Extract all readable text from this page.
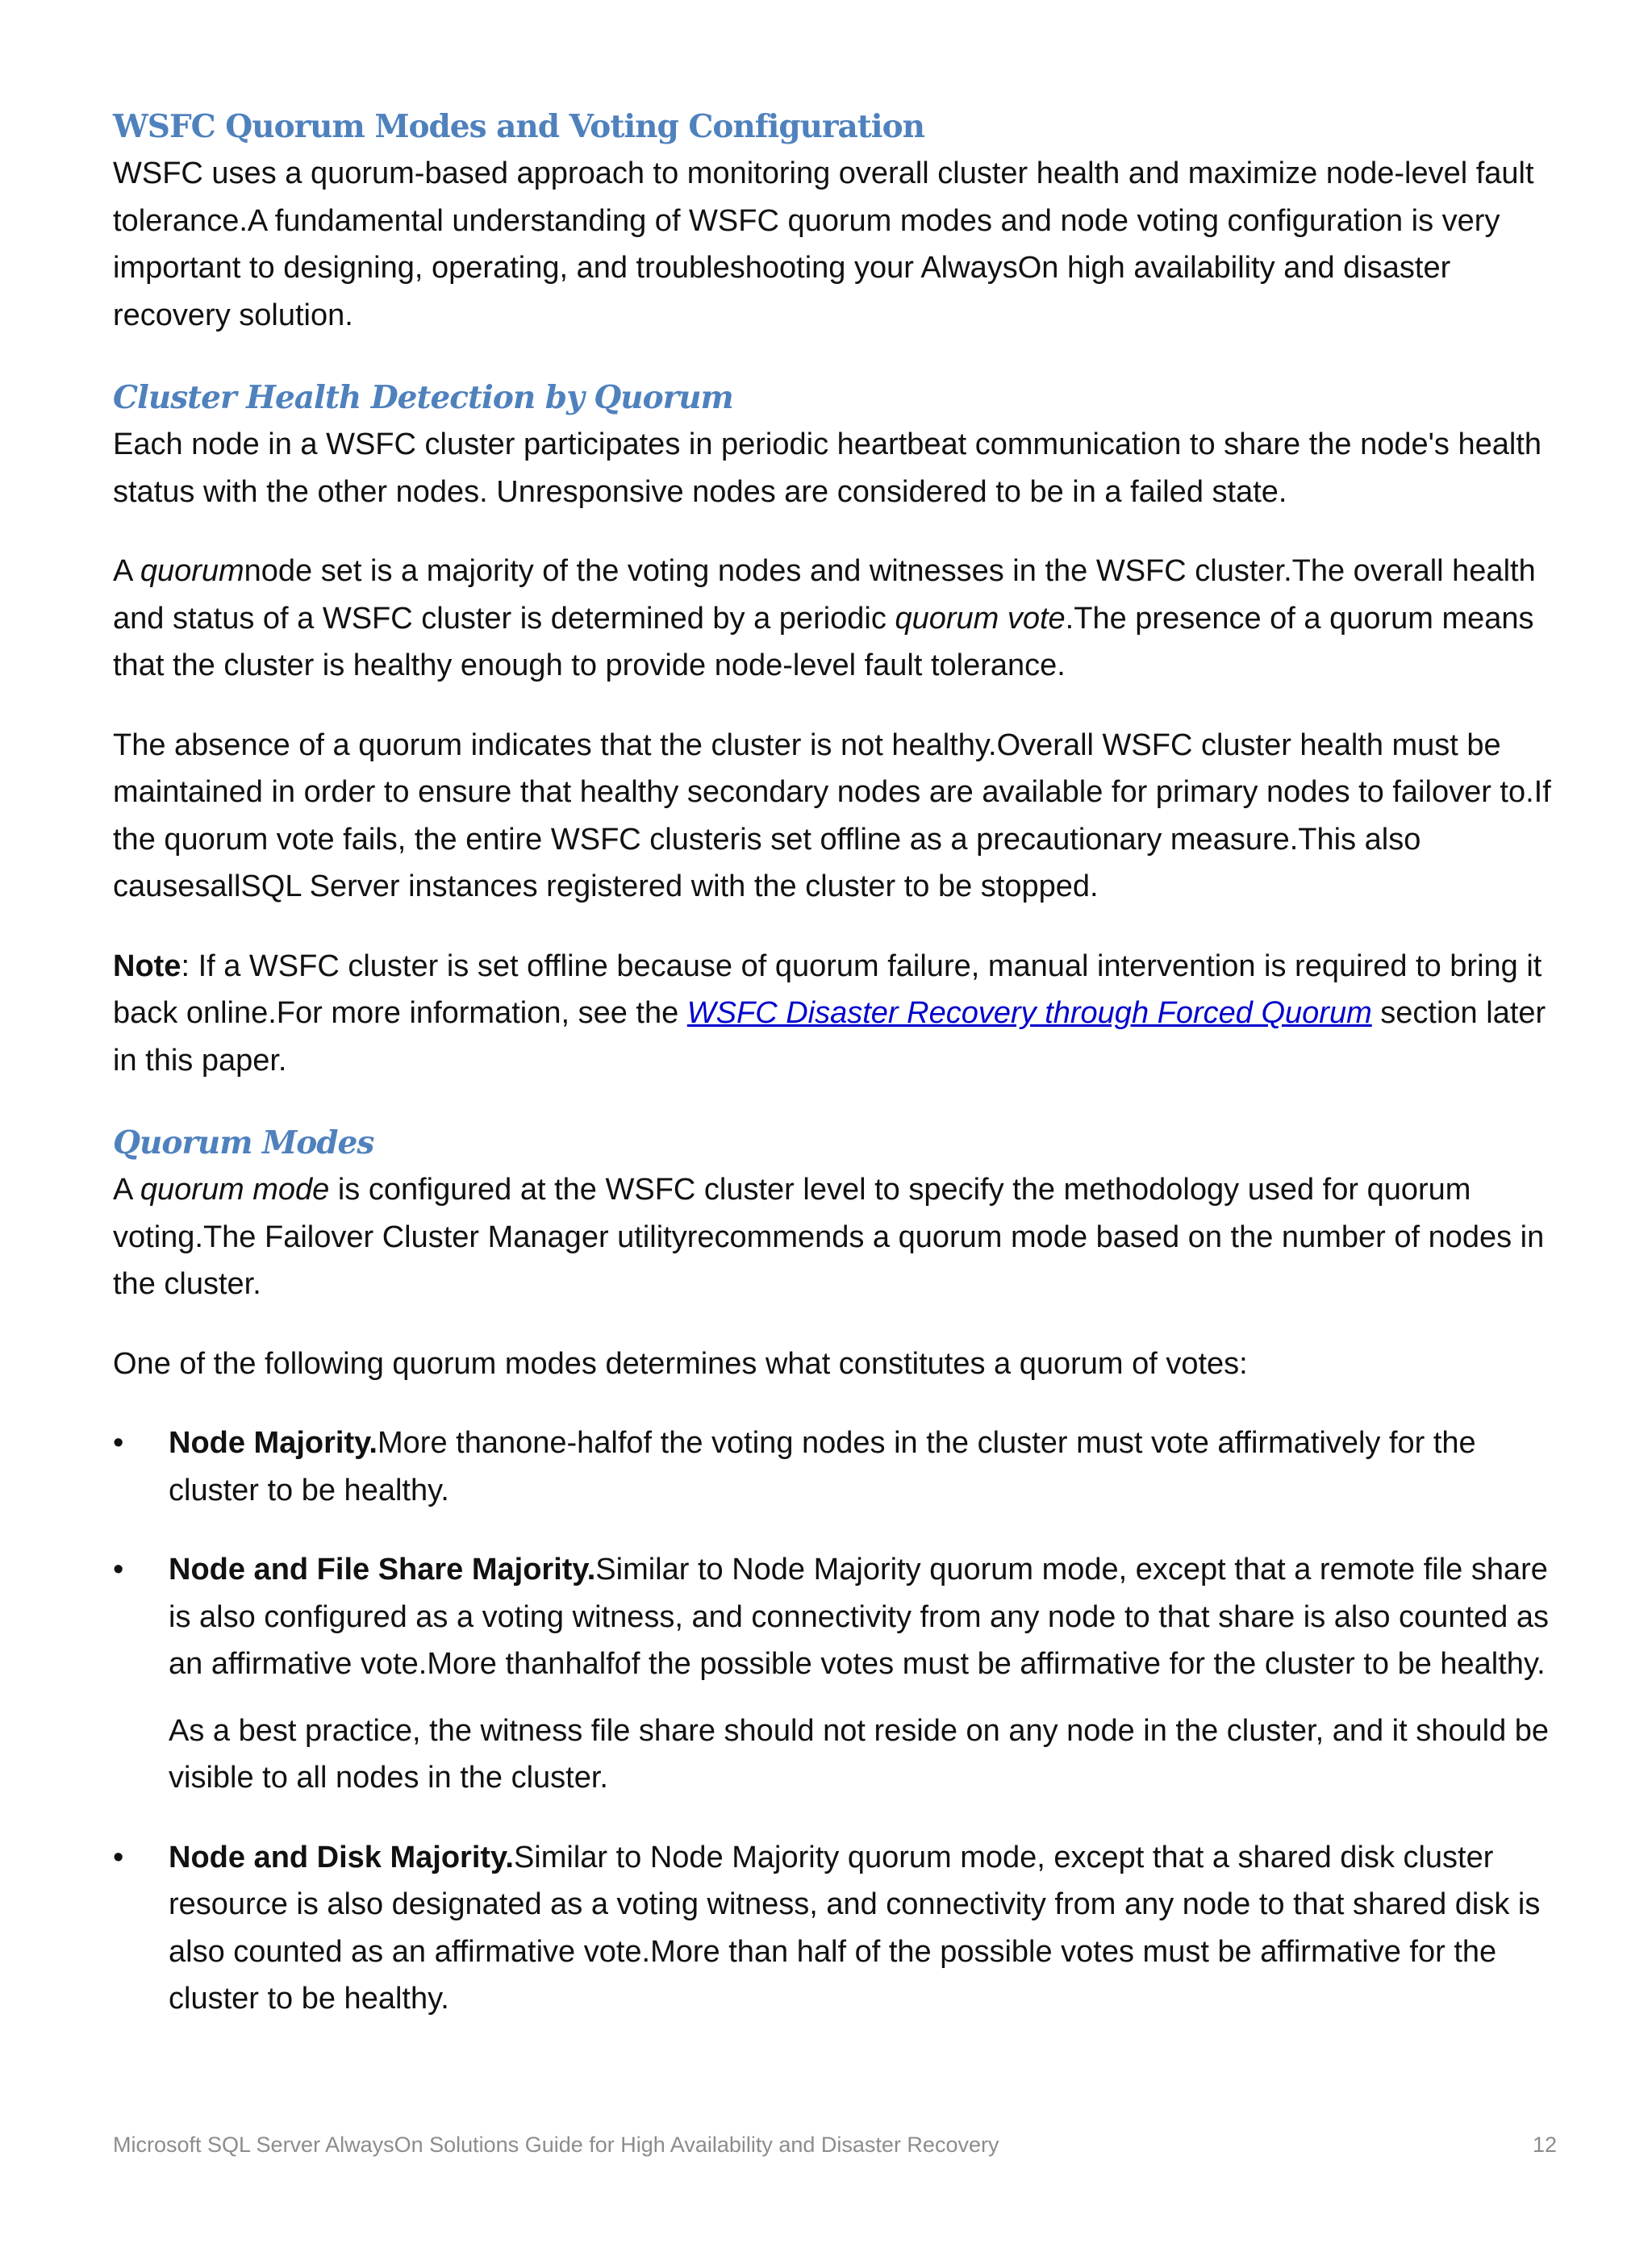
WSFC Quorum Modes and Voting Configuration

WSFC uses a quorum-based approach to monitoring overall cluster health and maximize node-level fault tolerance.A fundamental understanding of WSFC quorum modes and node voting configuration is very important to designing, operating, and troubleshooting your AlwaysOn high availability and disaster recovery solution.

Cluster Health Detection by Quorum

Each node in a WSFC cluster participates in periodic heartbeat communication to share the node's health status with the other nodes. Unresponsive nodes are considered to be in a failed state.

A quorumnode set is a majority of the voting nodes and witnesses in the WSFC cluster.The overall health and status of a WSFC cluster is determined by a periodic quorum vote.The presence of a quorum means that the cluster is healthy enough to provide node-level fault tolerance.

The absence of a quorum indicates that the cluster is not healthy.Overall WSFC cluster health must be maintained in order to ensure that healthy secondary nodes are available for primary nodes to failover to.If the quorum vote fails, the entire WSFC clusteris set offline as a precautionary measure.This also causesallSQL Server instances registered with the cluster to be stopped.

Note: If a WSFC cluster is set offline because of quorum failure, manual intervention is required to bring it back online.For more information, see the WSFC Disaster Recovery through Forced Quorum section later in this paper.

Quorum Modes

A quorum mode is configured at the WSFC cluster level to specify the methodology used for quorum voting.The Failover Cluster Manager utilityrecommends a quorum mode based on the number of nodes in the cluster.

One of the following quorum modes determines what constitutes a quorum of votes:

•	Node Majority.More thanone-halfof the voting nodes in the cluster must vote affirmatively for the cluster to be healthy.
•	Node and File Share Majority.Similar to Node Majority quorum mode, except that a remote file share is also configured as a voting witness, and connectivity from any node to that share is also counted as an affirmative vote.More thanhalfof the possible votes must be affirmative for the cluster to be healthy.

As a best practice, the witness file share should not reside on any node in the cluster, and it should be visible to all nodes in the cluster.

•	Node and Disk Majority.Similar to Node Majority quorum mode, except that a shared disk cluster resource is also designated as a voting witness, and connectivity from any node to that shared disk is also counted as an affirmative vote.More than half of the possible votes must be affirmative for the cluster to be healthy.
Microsoft SQL Server AlwaysOn Solutions Guide for High Availability and Disaster Recovery	12
